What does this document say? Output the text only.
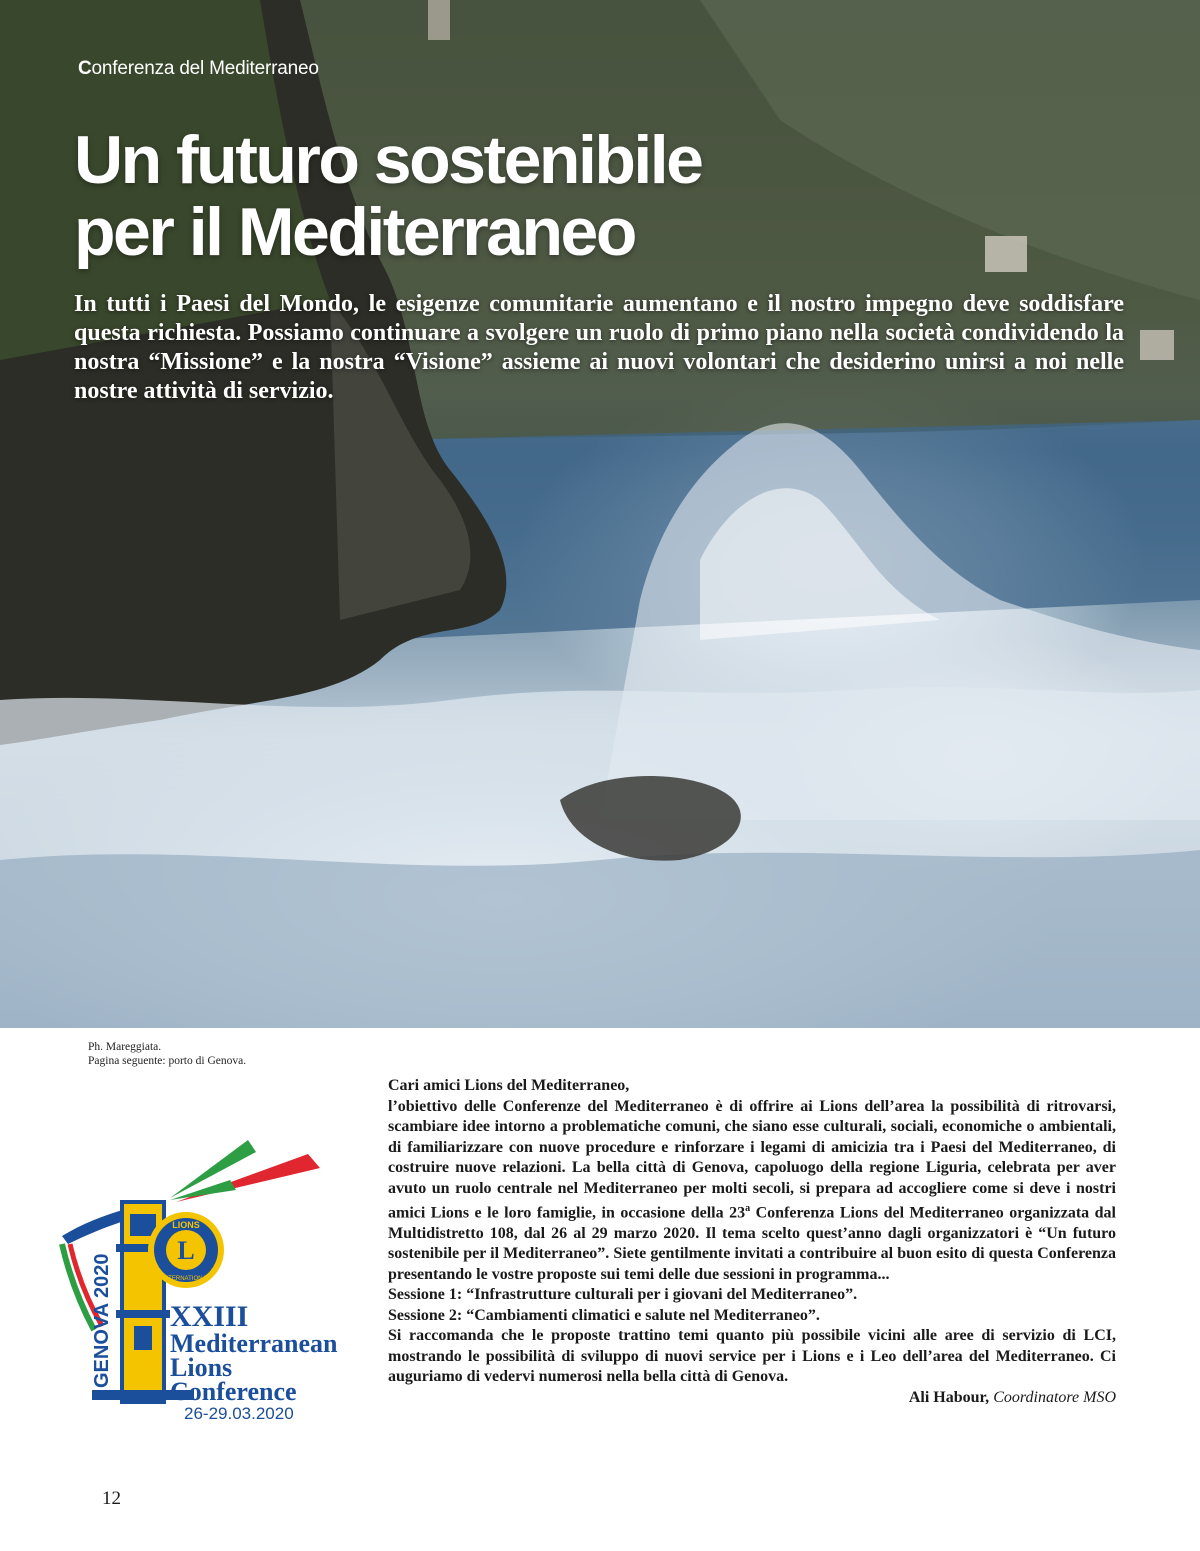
Conferenza del Mediterraneo
Un futuro sostenibile
per il Mediterraneo

In tutti i Paesi del Mondo, le esigenze comunitarie aumentano e il nostro impegno deve soddisfare questa richiesta. Possiamo continuare a svolgere un ruolo di primo piano nella società condividendo la nostra “Missione” e la nostra “Visione” assieme ai nuovi volontari che desiderino unirsi a noi nelle nostre attività di servizio.

Ph. Mareggiata.
Pagina seguente: porto di Genova.
GENOVA 2020
L
LIONS
INTERNATIONAL
XXIII
Mediterranean
Lions
Conference
26-29.03.2020

Cari amici Lions del Mediterraneo,

l’obiettivo delle Conferenze del Mediterraneo è di offrire ai Lions dell’area la possibilità di ritrovarsi, scambiare idee intorno a problematiche comuni, che siano esse culturali, sociali, economiche o ambientali, di familiarizzare con nuove procedure e rinforzare i legami di amicizia tra i Paesi del Mediterraneo, di costruire nuove relazioni. La bella città di Genova, capoluogo della regione Liguria, celebrata per aver avuto un ruolo centrale nel Mediterraneo per molti secoli, si prepara ad accogliere come si deve i nostri amici Lions e le loro famiglie, in occasione della 23$^a$ Conferenza Lions del Mediterraneo organizzata dal Multidistretto 108, dal 26 al 29 marzo 2020. Il tema scelto quest’anno dagli organizzatori è “Un futuro sostenibile per il Mediterraneo”. Siete gentilmente invitati a contribuire al buon esito di questa Conferenza presentando le vostre proposte sui temi delle due sessioni in programma...

Sessione 1: “Infrastrutture culturali per i giovani del Mediterraneo”.

Sessione 2: “Cambiamenti climatici e salute nel Mediterraneo”.

Si raccomanda che le proposte trattino temi quanto più possibile vicini alle aree di servizio di LCI, mostrando le possibilità di sviluppo di nuovi service per i Lions e i Leo dell’area del Mediterraneo. Ci auguriamo di vedervi numerosi nella bella città di Genova.

Ali Habour, Coordinatore MSO

12
